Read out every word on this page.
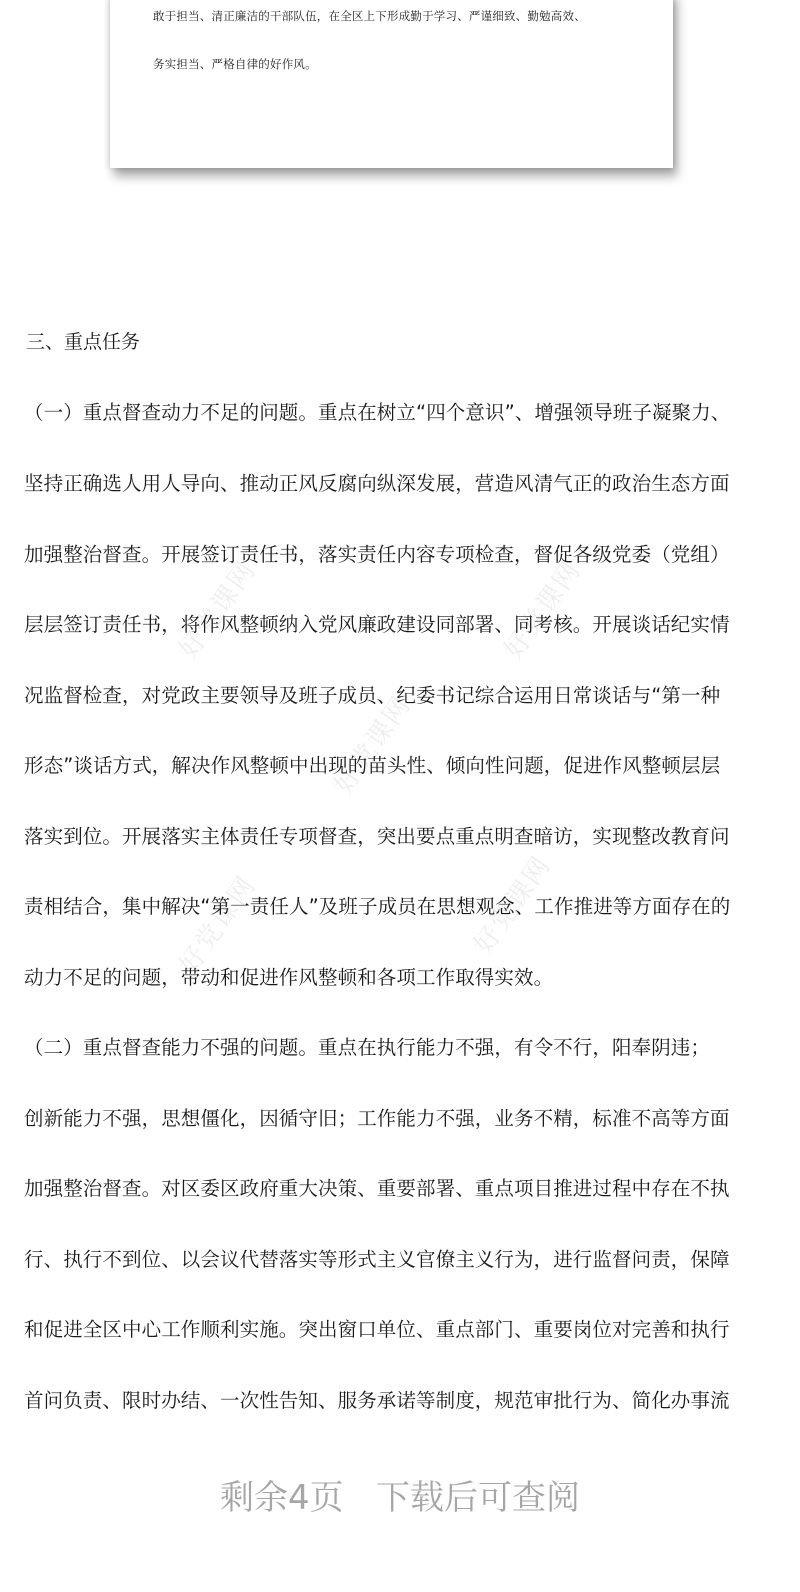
敢于担当、清正廉洁的干部队伍，在全区上下形成勤于学习、严谨细致、勤勉高效、
务实担当、严格自律的好作风。
好党课网	好党课网
好党课网
好党课网	好党课网
三、重点任务
（一）重点督查动力不足的问题。重点在树立“四个意识”、增强领导班子凝聚力、
坚持正确选人用人导向、推动正风反腐向纵深发展，营造风清气正的政治生态方面
加强整治督查。开展签订责任书，落实责任内容专项检查，督促各级党委（党组）
层层签订责任书，将作风整顿纳入党风廉政建设同部署、同考核。开展谈话纪实情
况监督检查，对党政主要领导及班子成员、纪委书记综合运用日常谈话与“第一种
形态”谈话方式，解决作风整顿中出现的苗头性、倾向性问题，促进作风整顿层层
落实到位。开展落实主体责任专项督查，突出要点重点明查暗访，实现整改教育问
责相结合，集中解决“第一责任人”及班子成员在思想观念、工作推进等方面存在的
动力不足的问题，带动和促进作风整顿和各项工作取得实效。
（二）重点督查能力不强的问题。重点在执行能力不强，有令不行，阳奉阴违；
创新能力不强，思想僵化，因循守旧；工作能力不强，业务不精，标准不高等方面
加强整治督查。对区委区政府重大决策、重要部署、重点项目推进过程中存在不执
行、执行不到位、以会议代替落实等形式主义官僚主义行为，进行监督问责，保障
和促进全区中心工作顺利实施。突出窗口单位、重点部门、重要岗位对完善和执行
首问负责、限时办结、一次性告知、服务承诺等制度，规范审批行为、简化办事流
剩余4页   下载后可查阅
